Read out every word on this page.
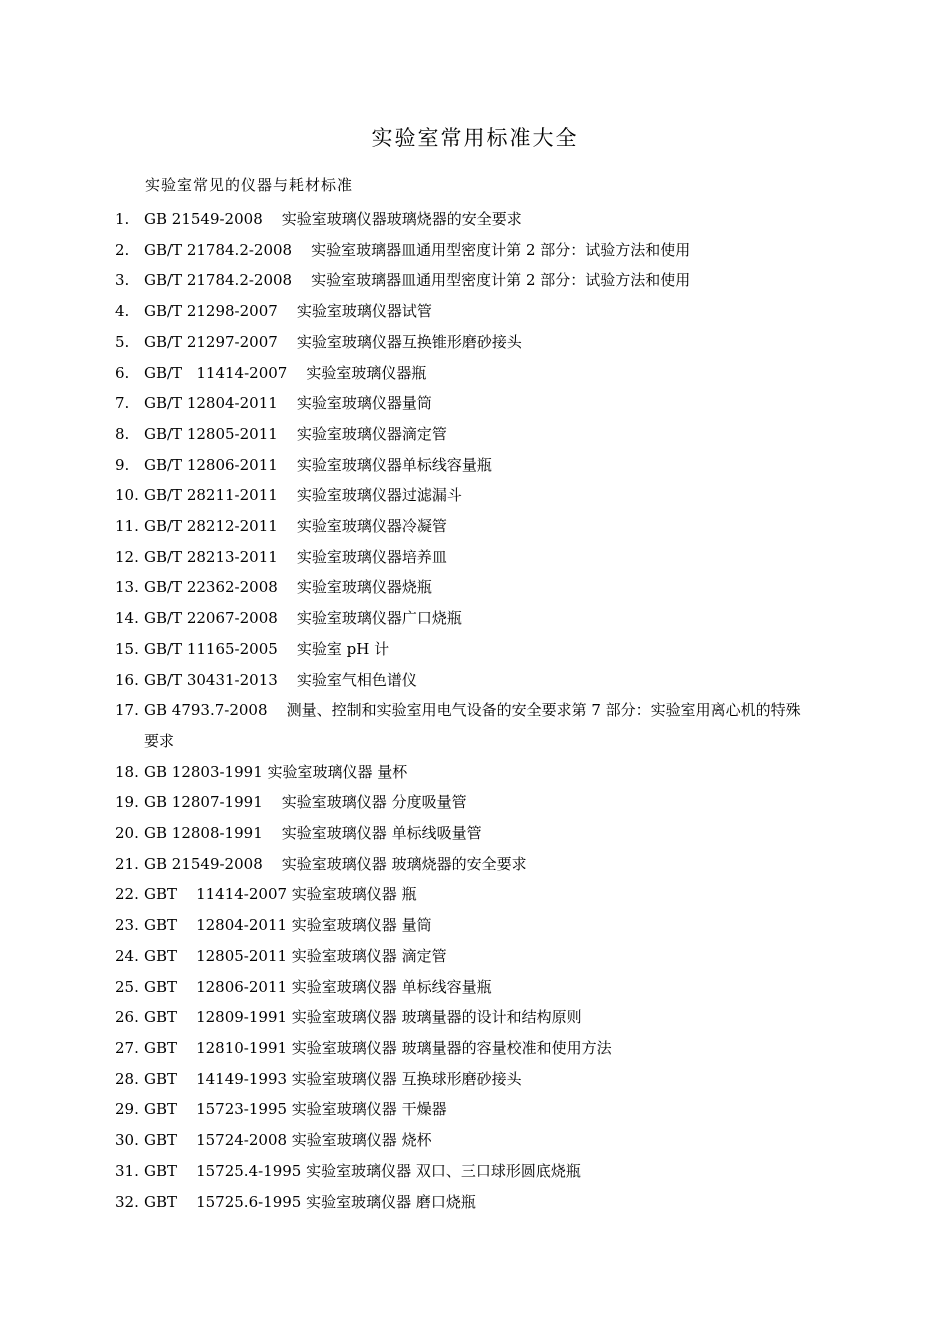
实验室常用标准大全
实验室常见的仪器与耗材标准
1. GB 21549-2008    实验室玻璃仪器玻璃烧器的安全要求
2. GB/T 21784.2-2008    实验室玻璃器皿通用型密度计第 2 部分：试验方法和使用
3. GB/T 21784.2-2008    实验室玻璃器皿通用型密度计第 2 部分：试验方法和使用
4. GB/T 21298-2007    实验室玻璃仪器试管
5. GB/T 21297-2007    实验室玻璃仪器互换锥形磨砂接头
6. GB/T   11414-2007    实验室玻璃仪器瓶
7. GB/T 12804-2011    实验室玻璃仪器量筒
8. GB/T 12805-2011    实验室玻璃仪器滴定管
9. GB/T 12806-2011    实验室玻璃仪器单标线容量瓶
10. GB/T 28211-2011    实验室玻璃仪器过滤漏斗
11. GB/T 28212-2011    实验室玻璃仪器冷凝管
12. GB/T 28213-2011    实验室玻璃仪器培养皿
13. GB/T 22362-2008    实验室玻璃仪器烧瓶
14. GB/T 22067-2008    实验室玻璃仪器广口烧瓶
15. GB/T 11165-2005    实验室 pH 计
16. GB/T 30431-2013    实验室气相色谱仪
17. GB 4793.7-2008    测量、控制和实验室用电气设备的安全要求第 7 部分：实验室用离心机的特殊要求
18. GB 12803-1991 实验室玻璃仪器 量杯
19. GB 12807-1991    实验室玻璃仪器 分度吸量管
20. GB 12808-1991    实验室玻璃仪器 单标线吸量管
21. GB 21549-2008    实验室玻璃仪器 玻璃烧器的安全要求
22. GBT    11414-2007 实验室玻璃仪器 瓶
23. GBT    12804-2011 实验室玻璃仪器 量筒
24. GBT    12805-2011 实验室玻璃仪器 滴定管
25. GBT    12806-2011 实验室玻璃仪器 单标线容量瓶
26. GBT    12809-1991 实验室玻璃仪器 玻璃量器的设计和结构原则
27. GBT    12810-1991 实验室玻璃仪器 玻璃量器的容量校准和使用方法
28. GBT    14149-1993 实验室玻璃仪器 互换球形磨砂接头
29. GBT    15723-1995 实验室玻璃仪器 干燥器
30. GBT    15724-2008 实验室玻璃仪器 烧杯
31. GBT    15725.4-1995 实验室玻璃仪器 双口、三口球形圆底烧瓶
32. GBT    15725.6-1995 实验室玻璃仪器 磨口烧瓶
